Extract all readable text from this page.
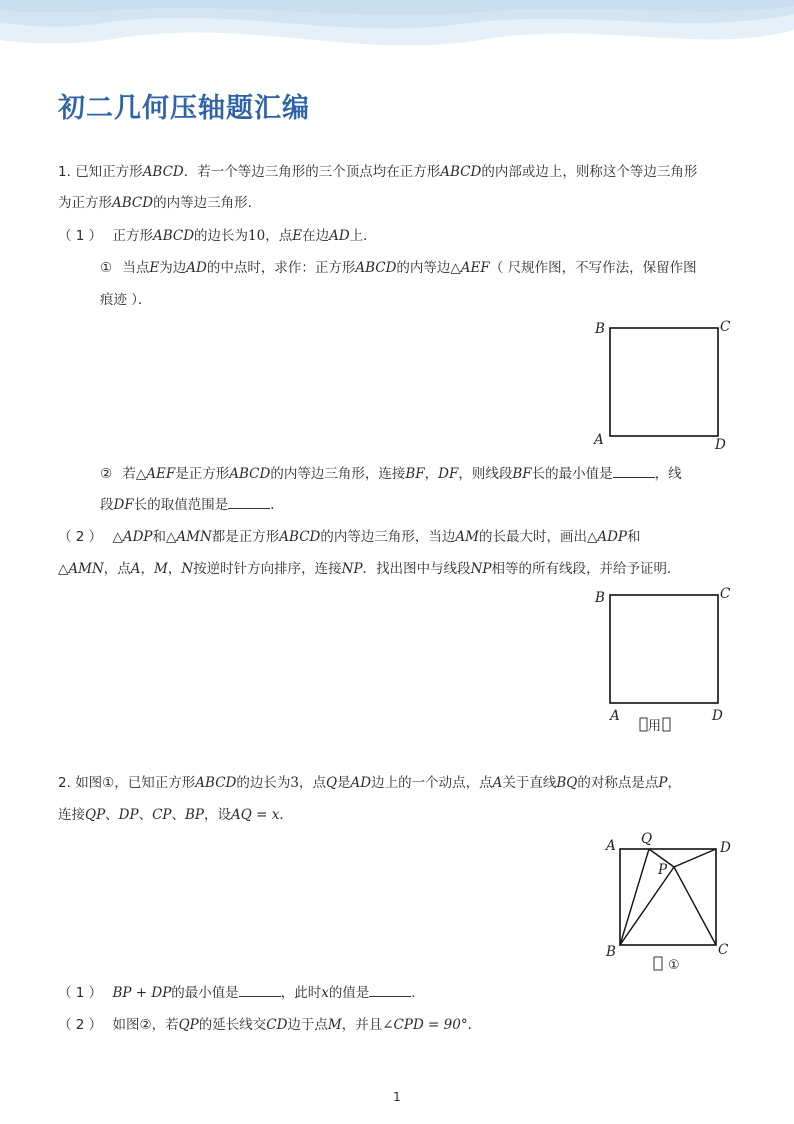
初二几何压轴题汇编
1. 已知正方形ABCD．若一个等边三角形的三个顶点均在正方形ABCD的内部或边上，则称这个等边三角形
为正方形ABCD的内等边三角形．
（ 1 ） 正方形ABCD的边长为10，点E在边AD上．
① 当点E为边AD的中点时，求作：正方形ABCD的内等边△AEF（ 尺规作图，不写作法，保留作图
痕迹 ）．
B	C
A	D
② 若△AEF是正方形ABCD的内等边三角形，连接BF，DF，则线段BF长的最小值是	，线
段DF长的取值范围是	．
（ 2 ） △ADP和△AMN都是正方形ABCD的内等边三角形，当边AM的长最大时，画出△ADP和
△AMN，点A，M，N按逆时针方向排序，连接NP．找出图中与线段NP相等的所有线段，并给予证明．
B	C
A	D
用
2. 如图①，已知正方形ABCD的边长为3，点Q是AD边上的一个动点，点A关于直线BQ的对称点是点P，
连接QP、DP、CP、BP，设AQ = x．
A Q
D
P
B	C
①
（ 1 ） BP + DP的最小值是	，此时x的值是	．
（ 2 ） 如图②，若QP的延长线交CD边于点M，并且∠CPD = 90°．
1
